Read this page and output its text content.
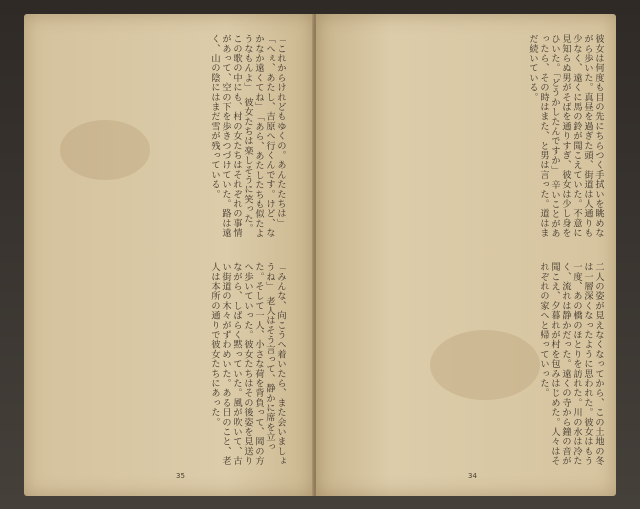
「これからけれどもゆくの。あんたたちは」 「へぇ、あたし、吉原へ行くんです。けど、なかなか遠くてね」　「あら、あたしたちも似たようなもんよ」　彼女たちは楽しそうに笑った。この歌の中にも、村の女たちはそれぞれの事情があって、空の下を歩きつづけていた。路は遠く、山の陰にはまだ雪が残っている。
「みんな、向こうへ着いたら、また会いましょうね」　老人はそう言って、静かに席を立った。そして一人、小さな荷を背負って、岡の方へ歩いていった。彼女たちはその後姿を見送りながら、しばらく黙っていた。風が吹いて、古い街道の木々がずわめいた。ある日のこと、老人は本所の通りで彼女たちにあった。
彼女は何度も目の先にちらつく手拭いを眺めながら歩いた。真昼を過ぎた頭、街道は人通りも少なく、遠くに馬の鈴が聞こえていた。不意に見知らぬ男がそばを通りすぎ、彼女は少し身をひいた。「どうかしたんですか」　辛いことがあったら、その時はまた、と男は言った。道はまだ続いている。
二人の姿が見えなくなってから、この土地の冬は一層深くなったように思われた。彼女はもう一度、あの橋のほとりを訪れた。川の水は冷たく、流れは静かだった。遠くの寺から鐘の音が聞こえ、夕暮れが村を包みはじめた。人々はそれぞれの家へと帰っていった。
35	34
